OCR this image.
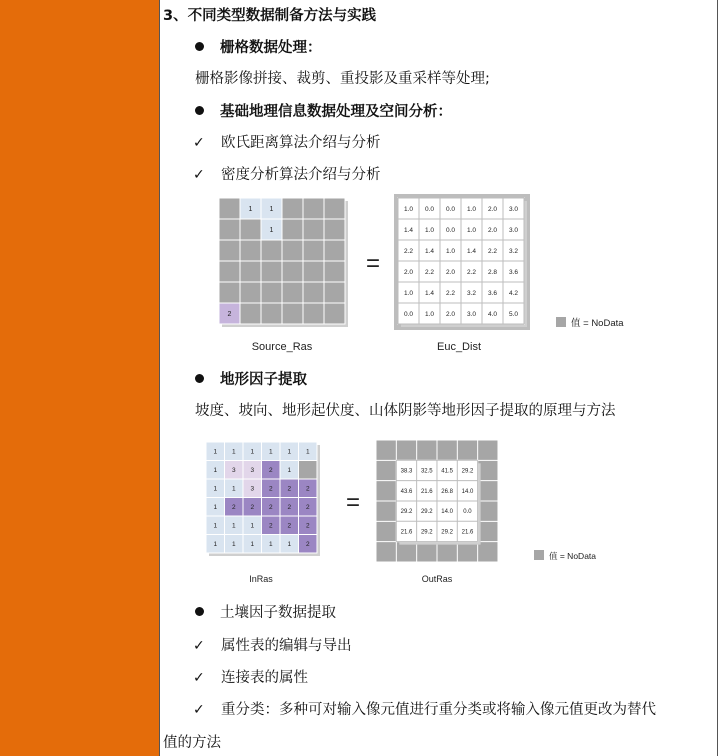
3、不同类型数据制备方法与实践
栅格数据处理：
栅格影像拼接、裁剪、重投影及重采样等处理;
基础地理信息数据处理及空间分析：
✓ 欧氏距离算法介绍与分析
✓ 密度分析算法介绍与分析
1 1
1
2
=
1.0 0.0 0.0 1.0 2.0 3.0
1.4 1.0 0.0 1.0 2.0 3.0
2.2 1.4 1.0 1.4 2.2 3.2
2.0 2.2 2.0 2.2 2.8 3.6
1.0 1.4 2.2 3.2 3.6 4.2
0.0 1.0 2.0 3.0 4.0 5.0
Source_Ras	Euc_Dist
值 = NoData
地形因子提取
坡度、坡向、地形起伏度、山体阴影等地形因子提取的原理与方法
1 1 1 1 1 1
1 3 3 2 1
1 1 3 2 2 2
1 2 2 2 2 2
1 1 1 2 2 2
1 1 1 1 1 2
=
38.3 32.5 41.5 29.2
43.6 21.6 26.8 14.0
29.2 29.2 14.0 0.0
21.6 29.2 29.2 21.6
InRas	OutRas
值 = NoData
土壤因子数据提取
✓ 属性表的编辑与导出
✓ 连接表的属性
✓ 重分类：多种可对输入像元值进行重分类或将输入像元值更改为替代
值的方法
